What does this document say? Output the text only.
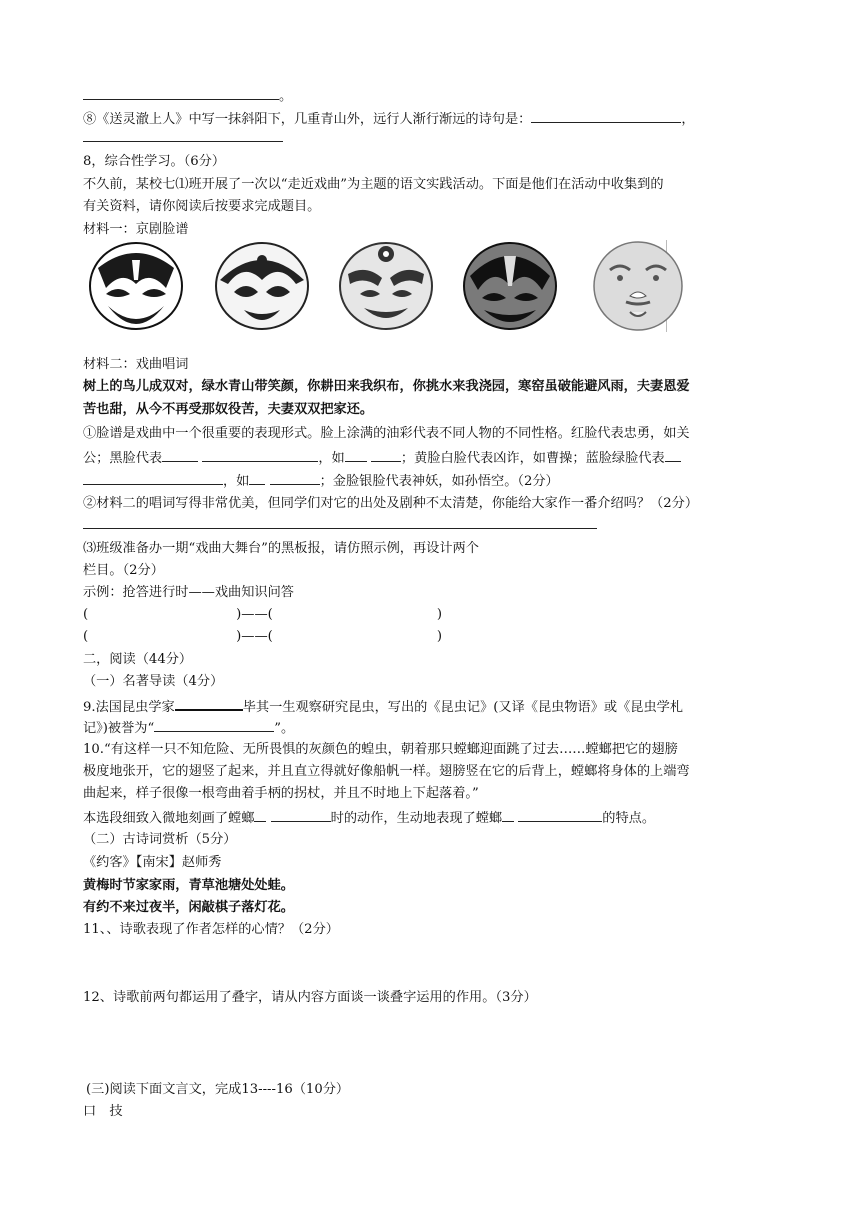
。
⑧《送灵澈上人》中写一抹斜阳下，几重青山外，远行人渐行渐远的诗句是：	，
8，综合性学习。（6分）
不久前，某校七⑴班开展了一次以“走近戏曲”为主题的语文实践活动。下面是他们在活动中收集到的
有关资料，请你阅读后按要求完成题目。
材料一：京剧脸谱
材料二：戏曲唱词
树上的鸟儿成双对，绿水青山带笑颜，你耕田来我织布，你挑水来我浇园，寒窑虽破能避风雨，夫妻恩爱
苦也甜，从今不再受那奴役苦，夫妻双双把家还。
①脸谱是戏曲中一个很重要的表现形式。脸上涂满的油彩代表不同人物的不同性格。红脸代表忠勇，如关
公；黑脸代表	，如	；黄脸白脸代表凶诈，如曹操；蓝脸绿脸代表
，如	；金脸银脸代表神妖，如孙悟空。（2分）
②材料二的唱词写得非常优美，但同学们对它的出处及剧种不太清楚，你能给大家作一番介绍吗？（2分）
⑶班级准备办一期“戏曲大舞台”的黑板报，请仿照示例，再设计两个
栏目。（2分）
示例：抢答进行时——戏曲知识问答
(	)——(	)
(	)——(	)
二，阅读（44分）
（一）名著导读（4分）
9.法国昆虫学家	毕其一生观察研究昆虫，写出的《昆虫记》(又译《昆虫物语》或《昆虫学札
记》)被誉为“	”。
10.“有这样一只不知危险、无所畏惧的灰颜色的蝗虫，朝着那只螳螂迎面跳了过去……螳螂把它的翅膀
极度地张开，它的翅竖了起来，并且直立得就好像船帆一样。翅膀竖在它的后背上，螳螂将身体的上端弯
曲起来，样子很像一根弯曲着手柄的拐杖，并且不时地上下起落着。”
本选段细致入微地刻画了螳螂	时的动作，生动地表现了螳螂	的特点。
（二）古诗词赏析（5分）
《约客》【南宋】赵师秀
黄梅时节家家雨，青草池塘处处蛙。
有约不来过夜半，闲敲棋子落灯花。
11、、诗歌表现了作者怎样的心情？（2分）
12、诗歌前两句都运用了叠字，请从内容方面谈一谈叠字运用的作用。（3分）
(三)阅读下面文言文，完成13----16（10分）
口　技
